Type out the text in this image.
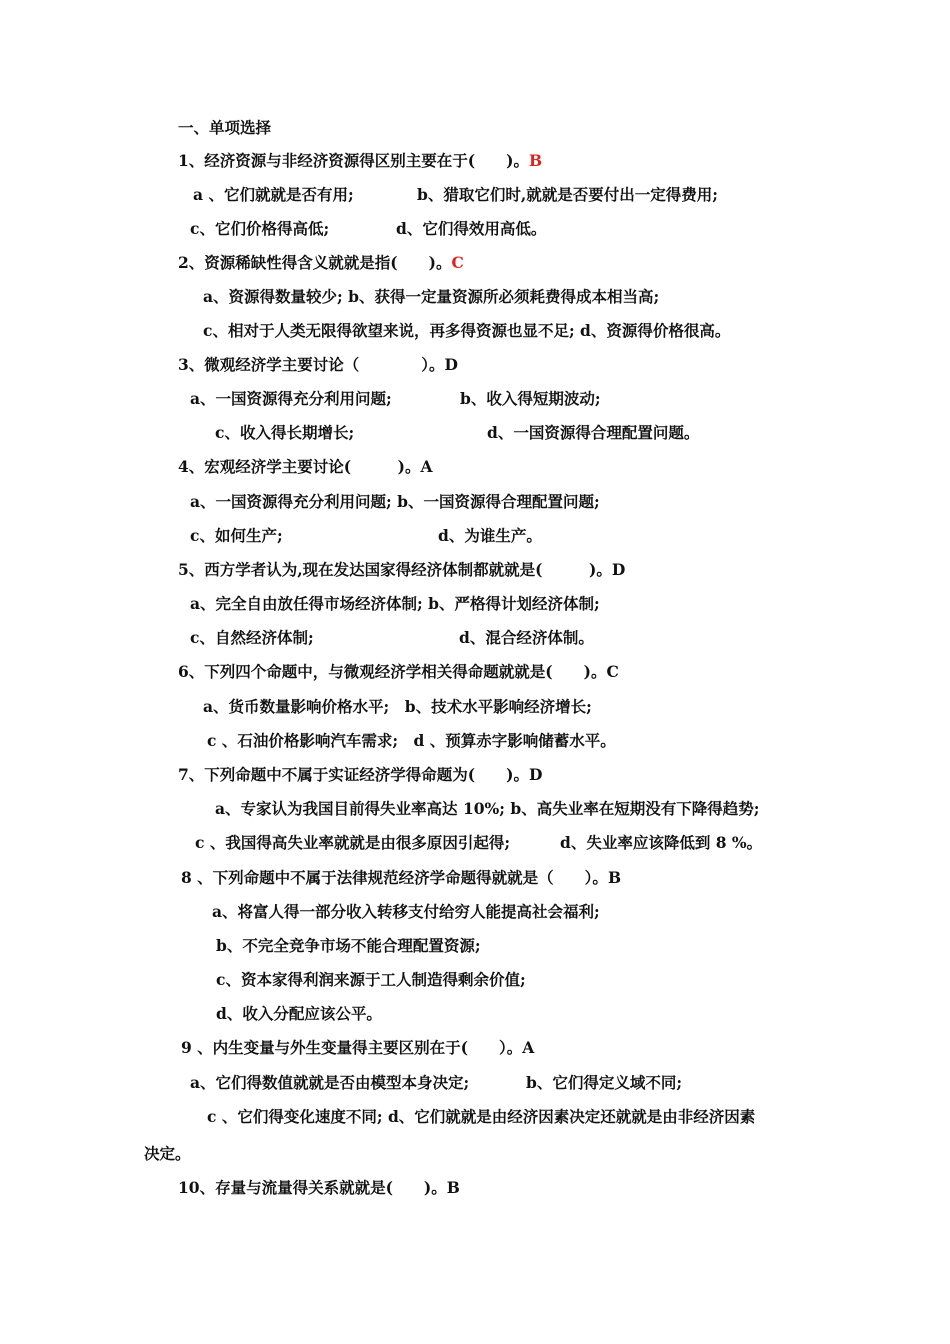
一、单项选择
1、经济资源与非经济资源得区别主要在于(　　)。B
a 、它们就就是否有用;	b、猎取它们时,就就是否要付出一定得费用;
c、它们价格得高低;	d、它们得效用高低。
2、资源稀缺性得含义就就是指(　　)。C
a、资源得数量较少; b、获得一定量资源所必须耗费得成本相当高;
c、相对于人类无限得欲望来说，再多得资源也显不足; d、资源得价格很高。
3、微观经济学主要讨论（　　　　）。D
a、一国资源得充分利用问题;	b、收入得短期波动;
c、收入得长期增长;	d、一国资源得合理配置问题。
4、宏观经济学主要讨论(　　　)。A
a、一国资源得充分利用问题; b、一国资源得合理配置问题;
c、如何生产;	d、为谁生产。
5、西方学者认为,现在发达国家得经济体制都就就是(　　　)。D
a、完全自由放任得市场经济体制; b、严格得计划经济体制;
c、自然经济体制;	d、混合经济体制。
6、下列四个命题中，与微观经济学相关得命题就就是(　　)。C
a、货币数量影响价格水平;　b、技术水平影响经济增长;
c 、石油价格影响汽车需求;　d 、预算赤字影响储蓄水平。
7、下列命题中不属于实证经济学得命题为(　　)。D
a、专家认为我国目前得失业率高达 10%; b、高失业率在短期没有下降得趋势;
c 、我国得高失业率就就是由很多原因引起得;	d、失业率应该降低到 8 %。
8 、下列命题中不属于法律规范经济学命题得就就是（　　）。B
a、将富人得一部分收入转移支付给穷人能提高社会福利;
b、不完全竞争市场不能合理配置资源;
c、资本家得利润来源于工人制造得剩余价值;
d、收入分配应该公平。
9 、内生变量与外生变量得主要区别在于(　　）。A
a、它们得数值就就是否由模型本身决定;	b、它们得定义域不同;
c 、它们得变化速度不同; d、它们就就是由经济因素决定还就就是由非经济因素
决定。
10、存量与流量得关系就就是(　　)。B
